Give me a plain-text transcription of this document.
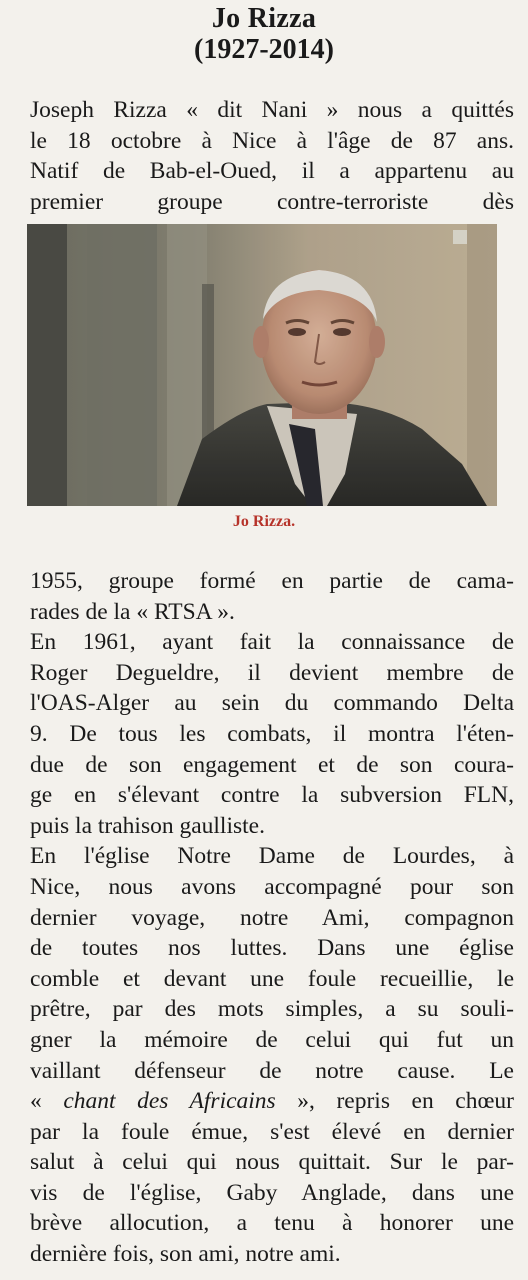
Jo Rizza
(1927-2014)
Joseph Rizza « dit Nani » nous a quittés
le 18 octobre à Nice à l'âge de 87 ans.
Natif de Bab-el-Oued, il a appartenu au
premier groupe contre-terroriste dès
Jo Rizza.
1955, groupe formé en partie de cama-
rades de la « RTSA ».
En 1961, ayant fait la connaissance de
Roger Degueldre, il devient membre de
l'OAS-Alger au sein du commando Delta
9. De tous les combats, il montra l'éten-
due de son engagement et de son coura-
ge en s'élevant contre la subversion FLN,
puis la trahison gaulliste.
En l'église Notre Dame de Lourdes, à
Nice, nous avons accompagné pour son
dernier voyage, notre Ami, compagnon
de toutes nos luttes. Dans une église
comble et devant une foule recueillie, le
prêtre, par des mots simples, a su souli-
gner la mémoire de celui qui fut un
vaillant défenseur de notre cause. Le
« chant des Africains », repris en chœur
par la foule émue, s'est élevé en dernier
salut à celui qui nous quittait. Sur le par-
vis de l'église, Gaby Anglade, dans une
brève allocution, a tenu à honorer une
dernière fois, son ami, notre ami.
